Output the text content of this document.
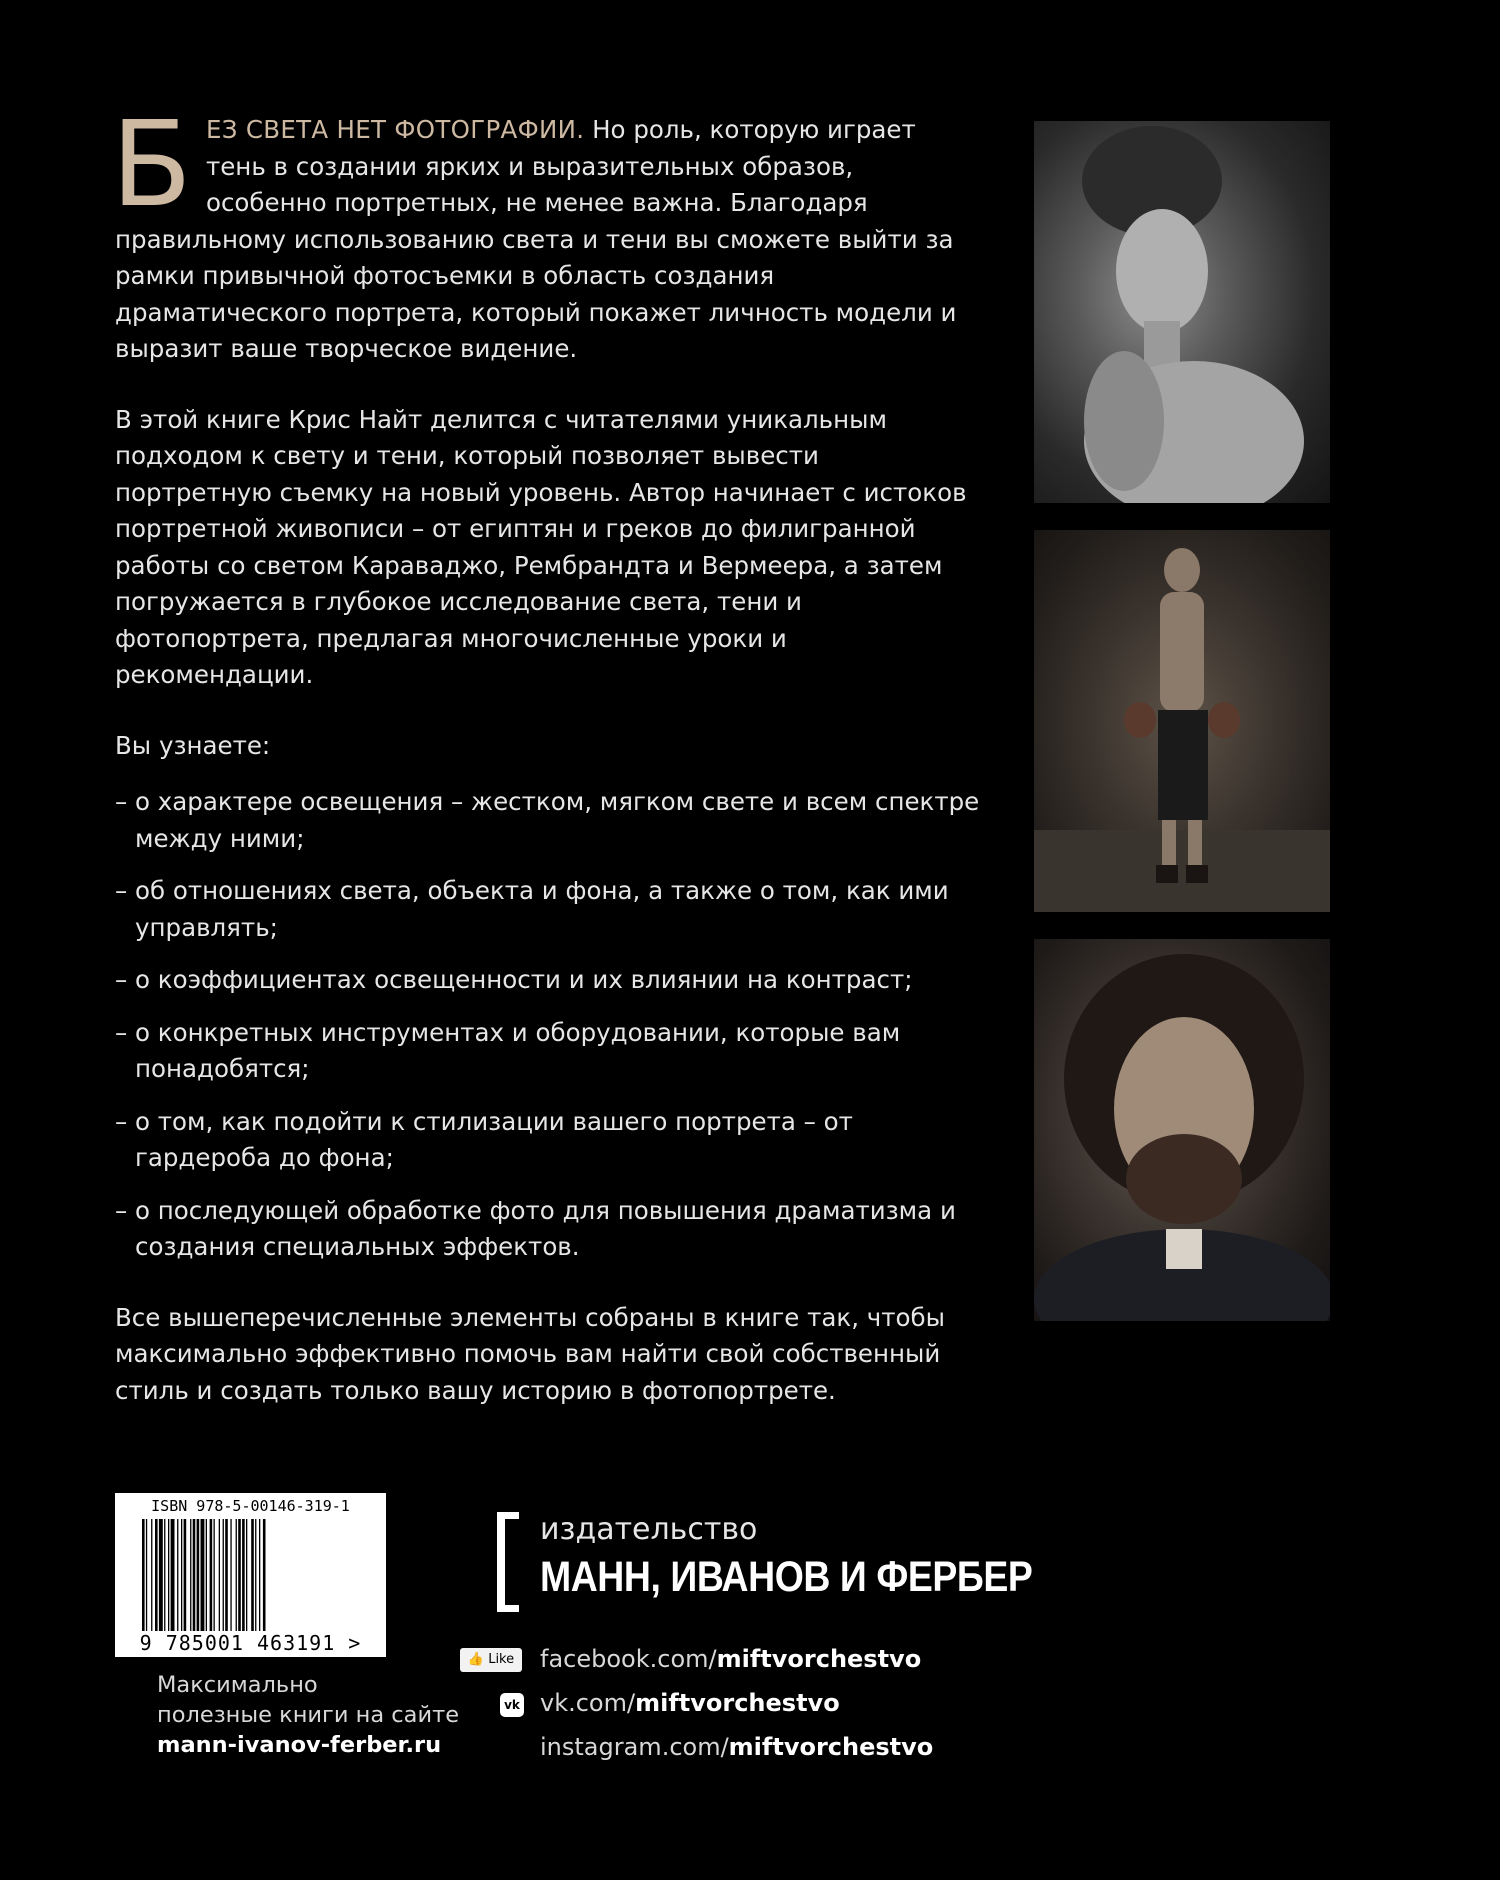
Б ЕЗ СВЕТА НЕТ ФОТОГРАФИИ. Но роль, которую играет тень в создании ярких и выразительных образов, особенно портретных, не менее важна. Благодаря правильному использованию света и тени вы сможете выйти за рамки привычной фотосъемки в область создания драматического портрета, который покажет личность модели и выразит ваше творческое видение.

В этой книге Крис Найт делится с читателями уникальным подходом к свету и тени, который позволяет вывести портретную съемку на новый уровень. Автор начинает с истоков портретной живописи – от египтян и греков до филигранной работы со светом Караваджо, Рембрандта и Вермеера, а затем погружается в глубокое исследование света, тени и фотопортрета, предлагая многочисленные уроки и рекомендации.

Вы узнаете:

– о характере освещения – жестком, мягком свете и всем спектре между ними;
– об отношениях света, объекта и фона, а также о том, как ими управлять;
– о коэффициентах освещенности и их влиянии на контраст;
– о конкретных инструментах и оборудовании, которые вам понадобятся;
– о том, как подойти к стилизации вашего портрета – от гардероба до фона;
– о последующей обработке фото для повышения драматизма и создания специальных эффектов.

Все вышеперечисленные элементы собраны в книге так, чтобы максимально эффективно помочь вам найти свой собственный стиль и создать только вашу историю в фотопортрете.

ISBN 978-5-00146-319-1
9 785001 463191 >
Максимально
полезные книги на сайте
mann-ivanov-ferber.ru
издательство
МАНН, ИВАНОВ И ФЕРБЕР
👍 Like	facebook.com/miftvorchestvo
vk vk.com/miftvorchestvo
instagram.com/miftvorchestvo
